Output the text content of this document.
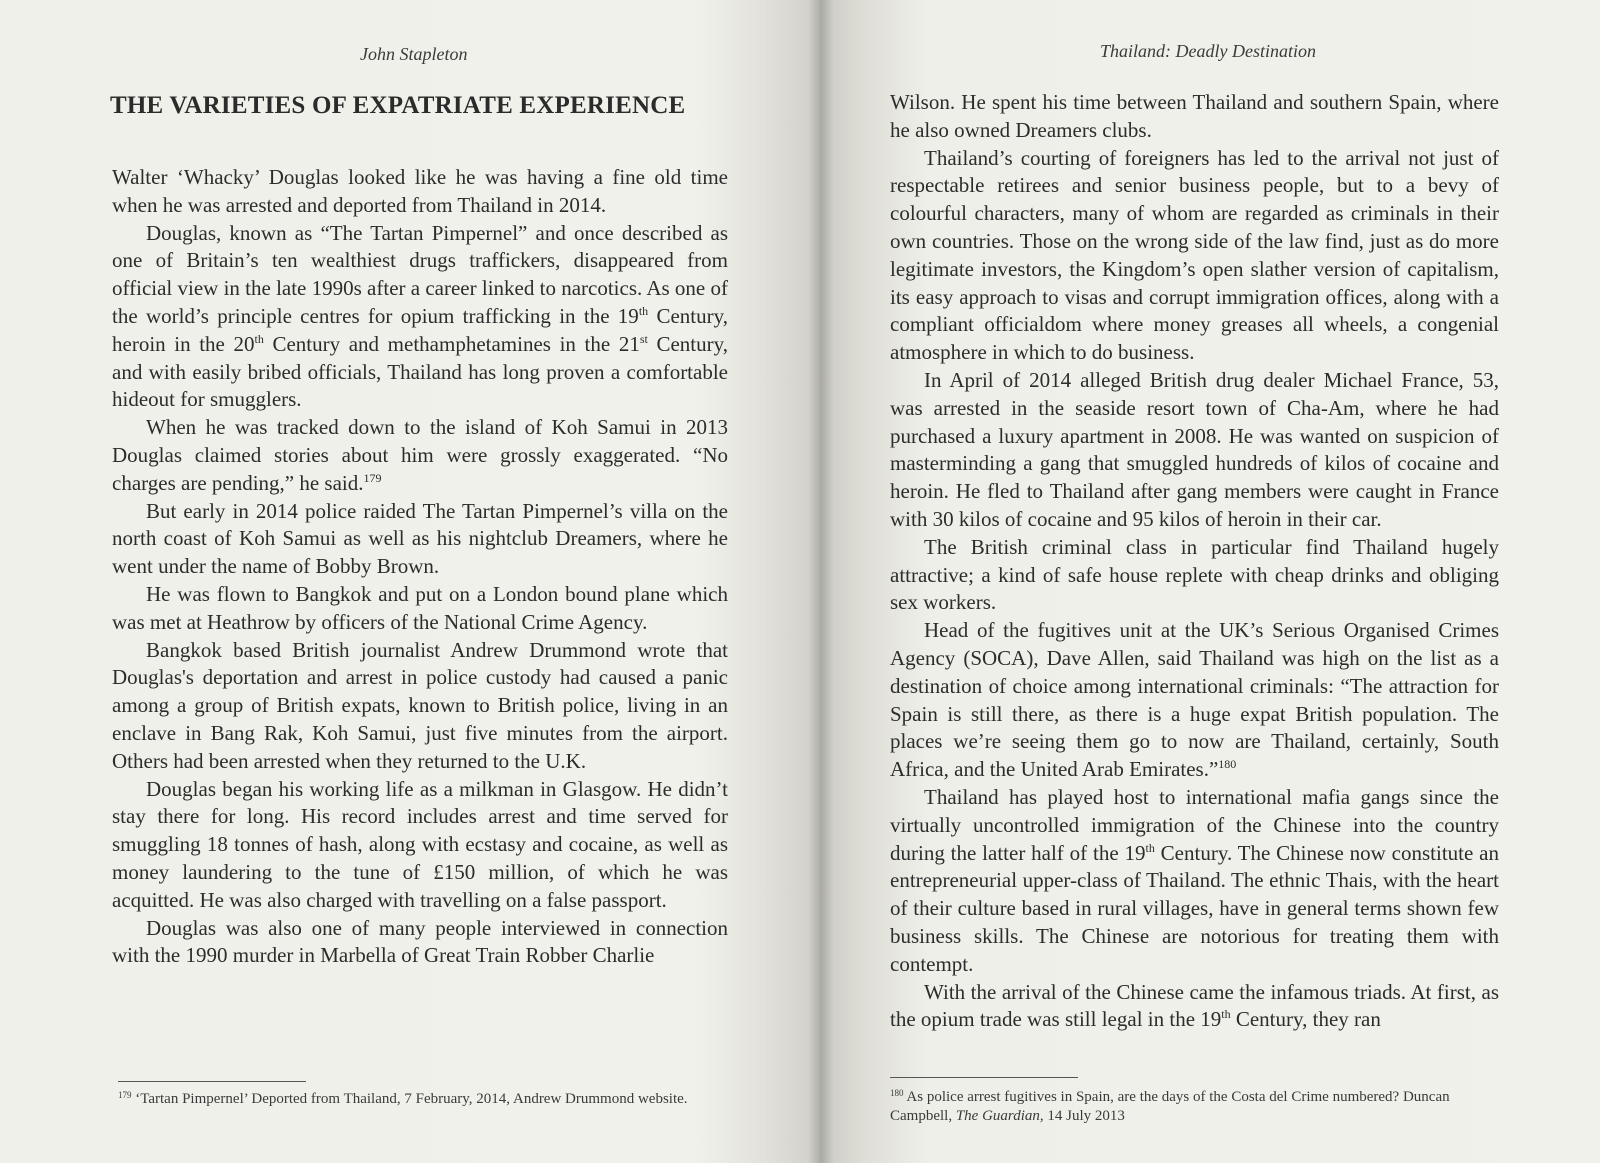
John Stapleton
THE VARIETIES OF EXPATRIATE EXPERIENCE

Walter ‘Whacky’ Douglas looked like he was having a fine old time when he was arrested and deported from Thailand in 2014.

Douglas, known as “The Tartan Pimpernel” and once described as one of Britain’s ten wealthiest drugs traffickers, disappeared from official view in the late 1990s after a career linked to narcotics. As one of the world’s principle centres for opium trafficking in the 19th Century, heroin in the 20th Century and methamphetamines in the 21st Century, and with easily bribed officials, Thailand has long proven a comfortable hideout for smugglers.

When he was tracked down to the island of Koh Samui in 2013 Douglas claimed stories about him were grossly exaggerated. “No charges are pending,” he said.$^{179}$

But early in 2014 police raided The Tartan Pimpernel’s villa on the north coast of Koh Samui as well as his nightclub Dreamers, where he went under the name of Bobby Brown.

He was flown to Bangkok and put on a London bound plane which was met at Heathrow by officers of the National Crime Agency.

Bangkok based British journalist Andrew Drummond wrote that Douglas's deportation and arrest in police custody had caused a panic among a group of British expats, known to British police, living in an enclave in Bang Rak, Koh Samui, just five minutes from the airport. Others had been arrested when they returned to the U.K.

Douglas began his working life as a milkman in Glasgow. He didn’t stay there for long. His record includes arrest and time served for smuggling 18 tonnes of hash, along with ecstasy and cocaine, as well as money laundering to the tune of £150 million, of which he was acquitted. He was also charged with travelling on a false passport.

Douglas was also one of many people interviewed in connection with the 1990 murder in Marbella of Great Train Robber Charlie

$^{179}$ ‘Tartan Pimpernel’ Deported from Thailand, 7 February, 2014, Andrew Drummond website.
Thailand: Deadly Destination

Wilson. He spent his time between Thailand and southern Spain, where he also owned Dreamers clubs.

Thailand’s courting of foreigners has led to the arrival not just of respectable retirees and senior business people, but to a bevy of colourful characters, many of whom are regarded as criminals in their own countries. Those on the wrong side of the law find, just as do more legitimate investors, the Kingdom’s open slather version of capitalism, its easy approach to visas and corrupt immigration offices, along with a compliant officialdom where money greases all wheels, a congenial atmosphere in which to do business.

In April of 2014 alleged British drug dealer Michael France, 53, was arrested in the seaside resort town of Cha-Am, where he had purchased a luxury apartment in 2008. He was wanted on suspicion of masterminding a gang that smuggled hundreds of kilos of cocaine and heroin. He fled to Thailand after gang members were caught in France with 30 kilos of cocaine and 95 kilos of heroin in their car.

The British criminal class in particular find Thailand hugely attractive; a kind of safe house replete with cheap drinks and obliging sex workers.

Head of the fugitives unit at the UK’s Serious Organised Crimes Agency (SOCA), Dave Allen, said Thailand was high on the list as a destination of choice among international criminals: “The attraction for Spain is still there, as there is a huge expat British population. The places we’re seeing them go to now are Thailand, certainly, South Africa, and the United Arab Emirates.”$^{180}$

Thailand has played host to international mafia gangs since the virtually uncontrolled immigration of the Chinese into the country during the latter half of the 19th Century. The Chinese now constitute an entrepreneurial upper-class of Thailand. The ethnic Thais, with the heart of their culture based in rural villages, have in general terms shown few business skills. The Chinese are notorious for treating them with contempt.

With the arrival of the Chinese came the infamous triads. At first, as the opium trade was still legal in the 19th Century, they ran

$^{180}$ As police arrest fugitives in Spain, are the days of the Costa del Crime numbered? Duncan Campbell, The Guardian, 14 July 2013
